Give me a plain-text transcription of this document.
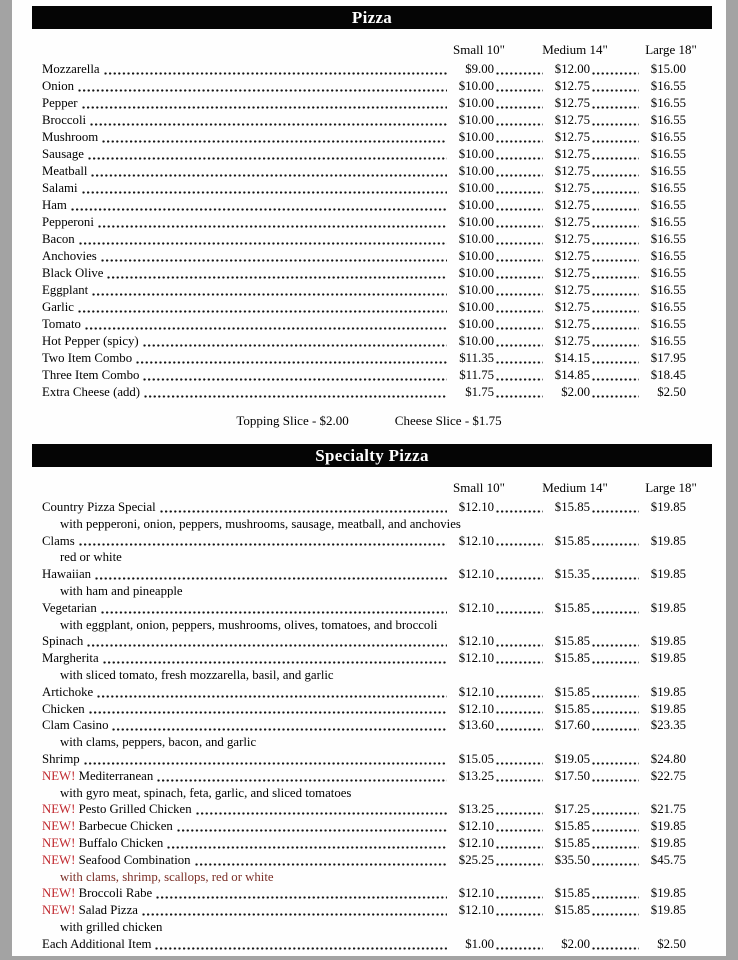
Pizza
Small 10"	Medium 14"	Large 18"
Mozzarella	$9.00	$12.00	$15.00
Onion	$10.00	$12.75	$16.55
Pepper	$10.00	$12.75	$16.55
Broccoli	$10.00	$12.75	$16.55
Mushroom	$10.00	$12.75	$16.55
Sausage	$10.00	$12.75	$16.55
Meatball	$10.00	$12.75	$16.55
Salami	$10.00	$12.75	$16.55
Ham	$10.00	$12.75	$16.55
Pepperoni	$10.00	$12.75	$16.55
Bacon	$10.00	$12.75	$16.55
Anchovies	$10.00	$12.75	$16.55
Black Olive	$10.00	$12.75	$16.55
Eggplant	$10.00	$12.75	$16.55
Garlic	$10.00	$12.75	$16.55
Tomato	$10.00	$12.75	$16.55
Hot Pepper (spicy)	$10.00	$12.75	$16.55
Two Item Combo	$11.35	$14.15	$17.95
Three Item Combo	$11.75	$14.85	$18.45
Extra Cheese (add)	$1.75	$2.00	$2.50
Topping Slice - $2.00	Cheese Slice - $1.75
Specialty Pizza
Small 10"	Medium 14"	Large 18"
Country Pizza Special	$12.10	$15.85	$19.85
with pepperoni, onion, peppers, mushrooms, sausage, meatball, and anchovies
Clams	$12.10	$15.85	$19.85
red or white
Hawaiian	$12.10	$15.35	$19.85
with ham and pineapple
Vegetarian	$12.10	$15.85	$19.85
with eggplant, onion, peppers, mushrooms, olives, tomatoes, and broccoli
Spinach	$12.10	$15.85	$19.85
Margherita	$12.10	$15.85	$19.85
with sliced tomato, fresh mozzarella, basil, and garlic
Artichoke	$12.10	$15.85	$19.85
Chicken	$12.10	$15.85	$19.85
Clam Casino	$13.60	$17.60	$23.35
with clams, peppers, bacon, and garlic
Shrimp	$15.05	$19.05	$24.80
NEW! Mediterranean	$13.25	$17.50	$22.75
with gyro meat, spinach, feta, garlic, and sliced tomatoes
NEW! Pesto Grilled Chicken	$13.25	$17.25	$21.75
NEW! Barbecue Chicken	$12.10	$15.85	$19.85
NEW! Buffalo Chicken	$12.10	$15.85	$19.85
NEW! Seafood Combination	$25.25	$35.50	$45.75
with clams, shrimp, scallops, red or white
NEW! Broccoli Rabe	$12.10	$15.85	$19.85
NEW! Salad Pizza	$12.10	$15.85	$19.85
with grilled chicken
Each Additional Item	$1.00	$2.00	$2.50
